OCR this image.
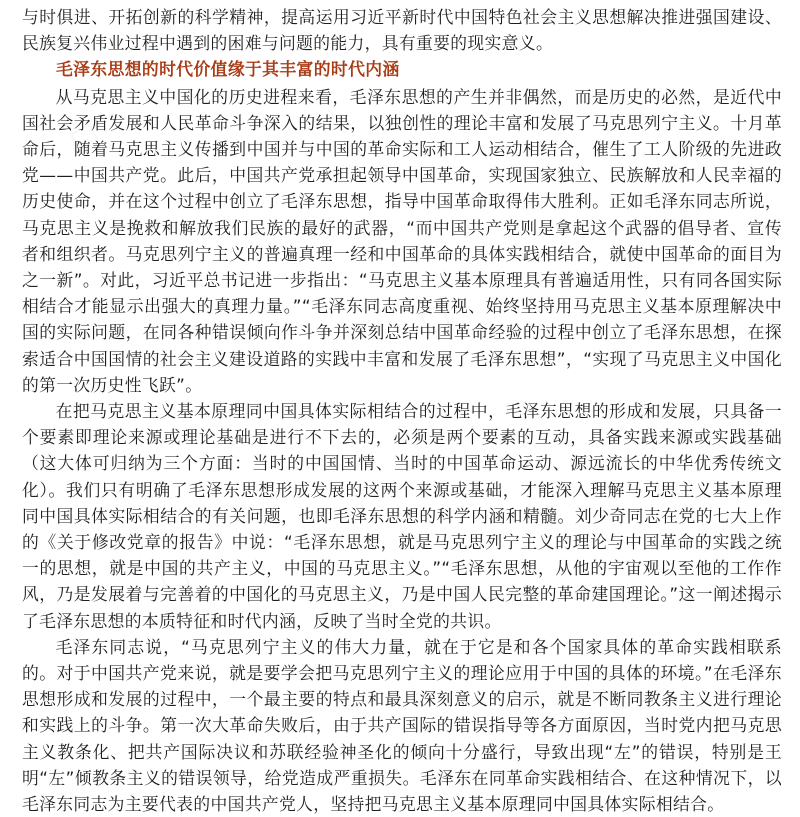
与时俱进、开拓创新的科学精神，提高运用习近平新时代中国特色社会主义思想解决推进强国建设、民族复兴伟业过程中遇到的困难与问题的能力，具有重要的现实意义。

毛泽东思想的时代价值缘于其丰富的时代内涵

从马克思主义中国化的历史进程来看，毛泽东思想的产生并非偶然，而是历史的必然，是近代中国社会矛盾发展和人民革命斗争深入的结果，以独创性的理论丰富和发展了马克思列宁主义。十月革命后，随着马克思主义传播到中国并与中国的革命实际和工人运动相结合，催生了工人阶级的先进政党——中国共产党。此后，中国共产党承担起领导中国革命，实现国家独立、民族解放和人民幸福的历史使命，并在这个过程中创立了毛泽东思想，指导中国革命取得伟大胜利。正如毛泽东同志所说，马克思主义是挽救和解放我们民族的最好的武器，“而中国共产党则是拿起这个武器的倡导者、宣传者和组织者。马克思列宁主义的普遍真理一经和中国革命的具体实践相结合，就使中国革命的面目为之一新”。对此，习近平总书记进一步指出：“马克思主义基本原理具有普遍适用性，只有同各国实际相结合才能显示出强大的真理力量。”“毛泽东同志高度重视、始终坚持用马克思主义基本原理解决中国的实际问题，在同各种错误倾向作斗争并深刻总结中国革命经验的过程中创立了毛泽东思想，在探索适合中国国情的社会主义建设道路的实践中丰富和发展了毛泽东思想”，“实现了马克思主义中国化的第一次历史性飞跃”。

在把马克思主义基本原理同中国具体实际相结合的过程中，毛泽东思想的形成和发展，只具备一个要素即理论来源或理论基础是进行不下去的，必须是两个要素的互动，具备实践来源或实践基础（这大体可归纳为三个方面：当时的中国国情、当时的中国革命运动、源远流长的中华优秀传统文化）。我们只有明确了毛泽东思想形成发展的这两个来源或基础，才能深入理解马克思主义基本原理同中国具体实际相结合的有关问题，也即毛泽东思想的科学内涵和精髓。刘少奇同志在党的七大上作的《关于修改党章的报告》中说：“毛泽东思想，就是马克思列宁主义的理论与中国革命的实践之统一的思想，就是中国的共产主义，中国的马克思主义。”“毛泽东思想，从他的宇宙观以至他的工作作风，乃是发展着与完善着的中国化的马克思主义，乃是中国人民完整的革命建国理论。”这一阐述揭示了毛泽东思想的本质特征和时代内涵，反映了当时全党的共识。

毛泽东同志说，“马克思列宁主义的伟大力量，就在于它是和各个国家具体的革命实践相联系的。对于中国共产党来说，就是要学会把马克思列宁主义的理论应用于中国的具体的环境。”在毛泽东思想形成和发展的过程中，一个最主要的特点和最具深刻意义的启示，就是不断同教条主义进行理论和实践上的斗争。第一次大革命失败后，由于共产国际的错误指导等各方面原因，当时党内把马克思主义教条化、把共产国际决议和苏联经验神圣化的倾向十分盛行，导致出现“左”的错误，特别是王明“左”倾教条主义的错误领导，给党造成严重损失。毛泽东在同革命实践相结合、在这种情况下，以毛泽东同志为主要代表的中国共产党人，坚持把马克思主义基本原理同中国具体实际相结合。
